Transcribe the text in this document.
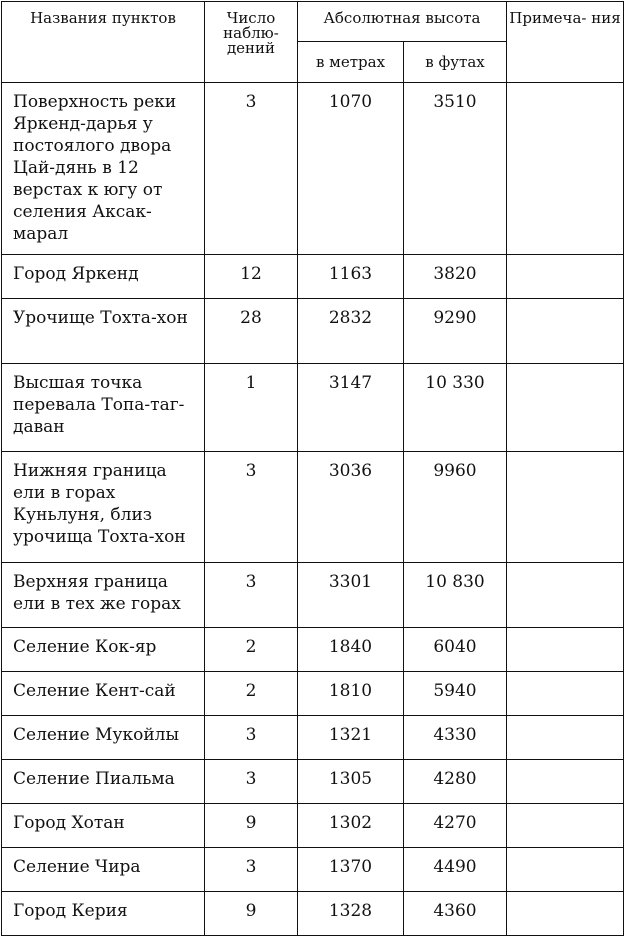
Названия пунктов	Число наблю- дений	Абсолютная высота		Примеча- ния
		в метрах	в футах	
Поверхность реки Яркенд-дарья у постоялого двора Цай-дянь в 12 верстах к югу от селения Аксак-марал	3	1070	3510	
Город Яркенд	12	1163	3820	
Урочище Тохта-хон	28	2832	9290	
Высшая точка перевала Топа-таг-даван	1	3147	10 330	
Нижняя граница ели в горах Куньлуня, близ урочища Тохта-хон	3	3036	9960	
Верхняя граница ели в тех же горах	3	3301	10 830	
Селение Кок-яр	2	1840	6040	
Селение Кент-сай	2	1810	5940	
Селение Мукойлы	3	1321	4330	
Селение Пиальма	3	1305	4280	
Город Хотан	9	1302	4270	
Селение Чира	3	1370	4490	
Город Керия	9	1328	4360	
